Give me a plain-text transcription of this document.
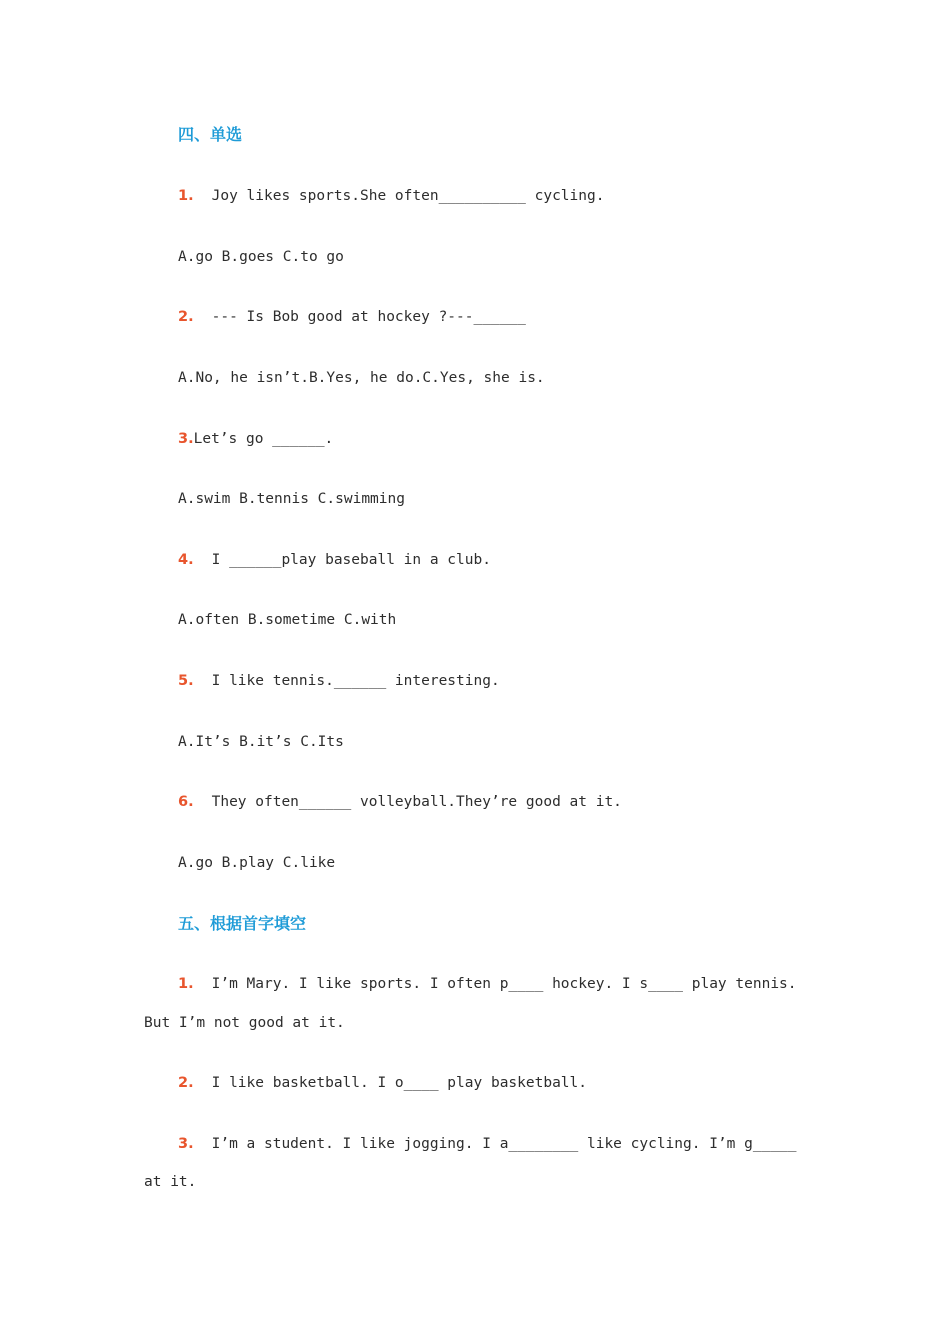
四、单选
1. Joy likes sports.She often__________ cycling.
A.go B.goes C.to go
2. --- Is Bob good at hockey ?---______
A.No, he isn’t.B.Yes, he do.C.Yes, she is.
3.Let’s go ______.
A.swim B.tennis C.swimming
4. I ______play baseball in a club.
A.often B.sometime C.with
5. I like tennis.______ interesting.
A.It’s B.it’s C.Its
6. They often______ volleyball.They’re good at it.
A.go B.play C.like
五、根据首字填空
1. I’m Mary. I like sports. I often p____ hockey. I s____ play tennis.
But I’m not good at it.
2. I like basketball. I o____ play basketball.
3. I’m a student. I like jogging. I a________ like cycling. I’m g_____
at it.
